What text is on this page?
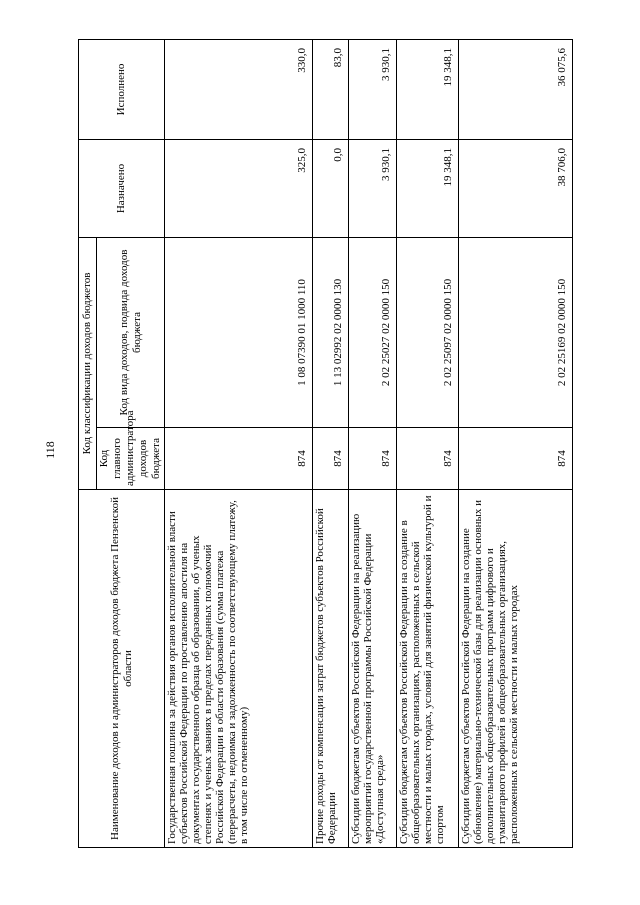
118
Наименование доходов и администраторов доходов бюджета Пензенской области	Код классификации доходов бюджетов		Назначено	Исполнено
	Код главного администратора доходов бюджета	Код вида доходов, подвида доходов бюджета		
Государственная пошлина за действия органов исполнительной власти субъектов Российской Федерации по проставлению апостиля на документах государственного образца об образовании, об ученых степенях и ученых званиях в пределах переданных полномочий Российской Федерации в области образования (сумма платежа (перерасчеты, недоимка и задолженность по соответствующему платежу, в том числе по отмененному)	874	1 08 07390 01 1000 110	325,0	330,0
Прочие доходы от компенсации затрат бюджетов субъектов Российской Федерации	874	1 13 02992 02 0000 130	0,0	83,0
Субсидии бюджетам субъектов Российской Федерации на реализацию мероприятий государственной программы Российской Федерации «Доступная среда»	874	2 02 25027 02 0000 150	3 930,1	3 930,1
Субсидии бюджетам субъектов Российской Федерации на создание в общеобразовательных организациях, расположенных в сельской местности и малых городах, условий для занятий физической культурой и спортом	874	2 02 25097 02 0000 150	19 348,1	19 348,1
Субсидии бюджетам субъектов Российской Федерации на создание (обновление) материально-технической базы для реализации основных и дополнительных общеобразовательных программ цифрового и гуманитарного профилей в общеобразовательных организациях, расположенных в сельской местности и малых городах	874	2 02 25169 02 0000 150	38 706,0	36 075,6
